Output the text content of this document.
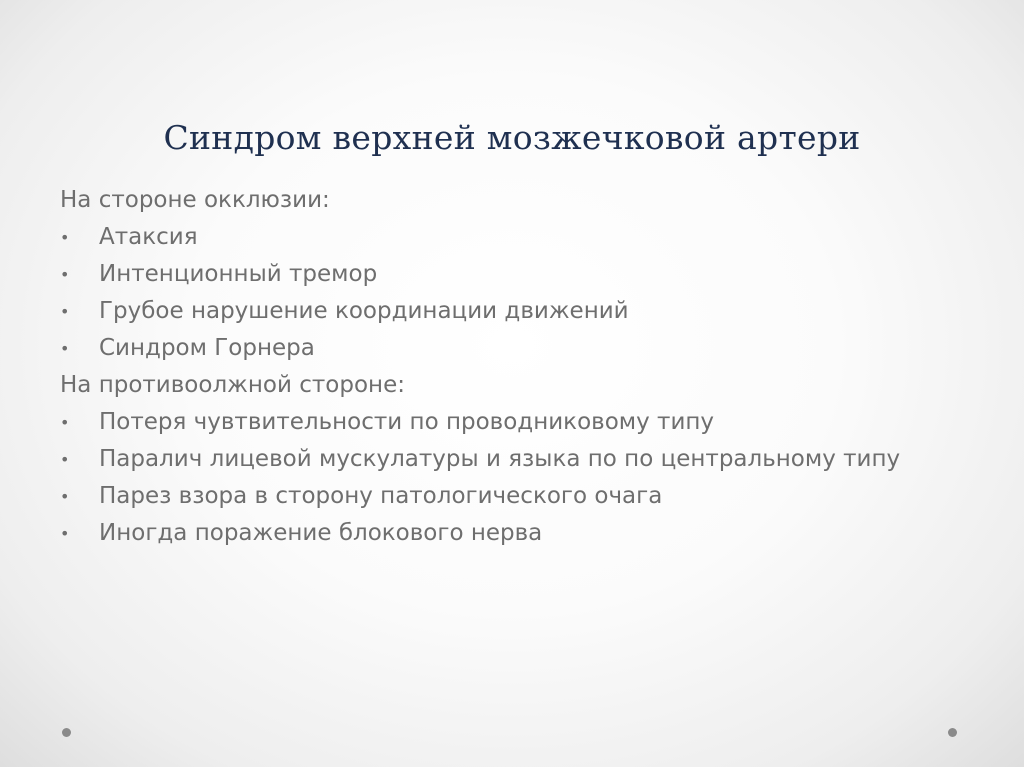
Синдром верхней мозжечковой артери
На стороне окклюзии:
• Атаксия
• Интенционный тремор
• Грубое нарушение координации движений
• Синдром Горнера
На противоолжной стороне:
• Потеря чувтвительности по проводниковому типу
• Паралич лицевой мускулатуры и языка по по центральному типу
• Парез взора в сторону патологического очага
• Иногда поражение блокового нерва
